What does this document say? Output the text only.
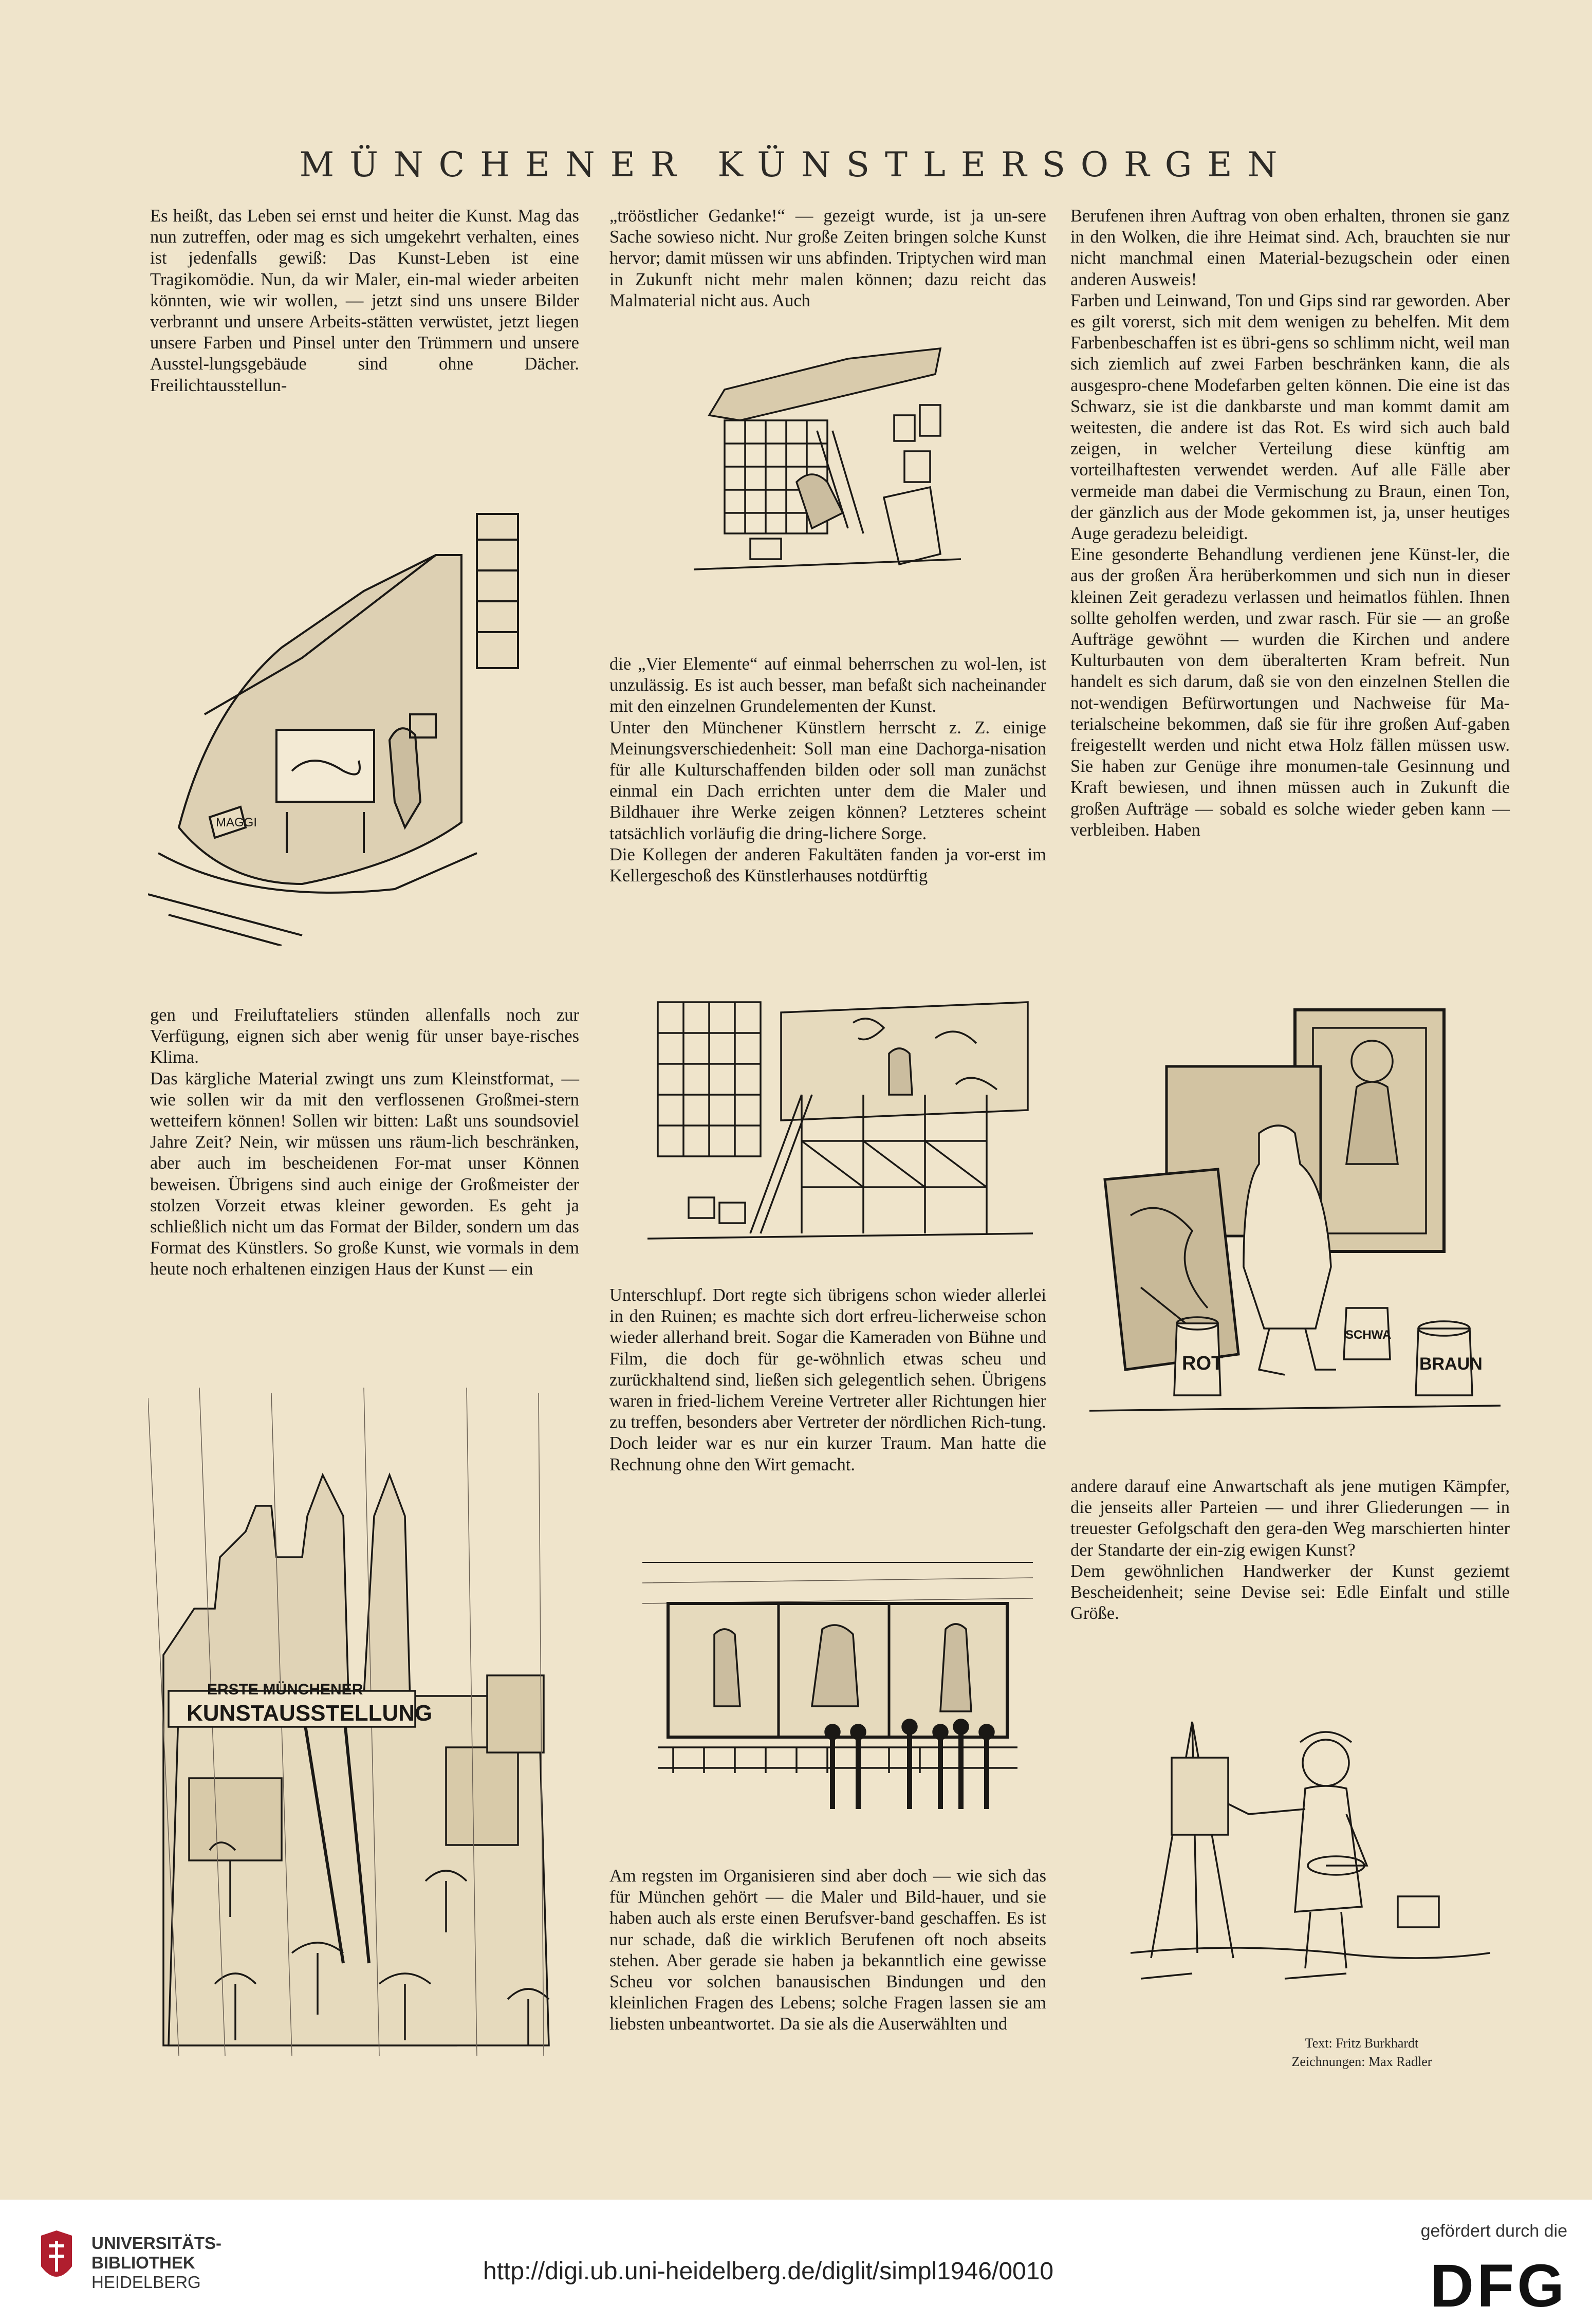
MÜNCHENER KÜNSTLERSORGEN

Es heißt, das Leben sei ernst und heiter die Kunst. Mag das nun zutreffen, oder mag es sich umgekehrt verhalten, eines ist jedenfalls gewiß: Das Kunst-Leben ist eine Tragikomödie. Nun, da wir Maler, ein-mal wieder arbeiten könnten, wie wir wollen, — jetzt sind uns unsere Bilder verbrannt und unsere Arbeits-stätten verwüstet, jetzt liegen unsere Farben und Pinsel unter den Trümmern und unsere Ausstel-lungsgebäude sind ohne Dächer. Freilichtausstellun-

MAGGI

gen und Freiluftateliers stünden allenfalls noch zur Verfügung, eignen sich aber wenig für unser baye-risches Klima.

Das kärgliche Material zwingt uns zum Kleinstformat, — wie sollen wir da mit den verflossenen Großmei-stern wetteifern können! Sollen wir bitten: Laßt uns soundsoviel Jahre Zeit? Nein, wir müssen uns räum-lich beschränken, aber auch im bescheidenen For-mat unser Können beweisen. Übrigens sind auch einige der Großmeister der stolzen Vorzeit etwas kleiner geworden. Es geht ja schließlich nicht um das Format der Bilder, sondern um das Format des Künstlers. So große Kunst, wie vormals in dem heute noch erhaltenen einzigen Haus der Kunst — ein

ERSTE MÜNCHENER
KUNSTAUSSTELLUNG

„trööstlicher Gedanke!“ — gezeigt wurde, ist ja un-sere Sache sowieso nicht. Nur große Zeiten bringen solche Kunst hervor; damit müssen wir uns abfinden. Triptychen wird man in Zukunft nicht mehr malen können; dazu reicht das Malmaterial nicht aus. Auch

die „Vier Elemente“ auf einmal beherrschen zu wol-len, ist unzulässig. Es ist auch besser, man befaßt sich nacheinander mit den einzelnen Grundelementen der Kunst.

Unter den Münchener Künstlern herrscht z. Z. einige Meinungsverschiedenheit: Soll man eine Dachorga-nisation für alle Kulturschaffenden bilden oder soll man zunächst einmal ein Dach errichten unter dem die Maler und Bildhauer ihre Werke zeigen können? Letzteres scheint tatsächlich vorläufig die dring-lichere Sorge.

Die Kollegen der anderen Fakultäten fanden ja vor-erst im Kellergeschoß des Künstlerhauses notdürftig

Unterschlupf. Dort regte sich übrigens schon wieder allerlei in den Ruinen; es machte sich dort erfreu-licherweise schon wieder allerhand breit. Sogar die Kameraden von Bühne und Film, die doch für ge-wöhnlich etwas scheu und zurückhaltend sind, ließen sich gelegentlich sehen. Übrigens waren in fried-lichem Vereine Vertreter aller Richtungen hier zu treffen, besonders aber Vertreter der nördlichen Rich-tung. Doch leider war es nur ein kurzer Traum. Man hatte die Rechnung ohne den Wirt gemacht.

Am regsten im Organisieren sind aber doch — wie sich das für München gehört — die Maler und Bild-hauer, und sie haben auch als erste einen Berufsver-band geschaffen. Es ist nur schade, daß die wirklich Berufenen oft noch abseits stehen. Aber gerade sie haben ja bekanntlich eine gewisse Scheu vor solchen banausischen Bindungen und den kleinlichen Fragen des Lebens; solche Fragen lassen sie am liebsten unbeantwortet. Da sie als die Auserwählten und

Berufenen ihren Auftrag von oben erhalten, thronen sie ganz in den Wolken, die ihre Heimat sind. Ach, brauchten sie nur nicht manchmal einen Material-bezugschein oder einen anderen Ausweis!

Farben und Leinwand, Ton und Gips sind rar geworden. Aber es gilt vorerst, sich mit dem wenigen zu behelfen. Mit dem Farbenbeschaffen ist es übri-gens so schlimm nicht, weil man sich ziemlich auf zwei Farben beschränken kann, die als ausgespro-chene Modefarben gelten können. Die eine ist das Schwarz, sie ist die dankbarste und man kommt damit am weitesten, die andere ist das Rot. Es wird sich auch bald zeigen, in welcher Verteilung diese künftig am vorteilhaftesten verwendet werden. Auf alle Fälle aber vermeide man dabei die Vermischung zu Braun, einen Ton, der gänzlich aus der Mode gekommen ist, ja, unser heutiges Auge geradezu beleidigt.

Eine gesonderte Behandlung verdienen jene Künst-ler, die aus der großen Ära herüberkommen und sich nun in dieser kleinen Zeit geradezu verlassen und heimatlos fühlen. Ihnen sollte geholfen werden, und zwar rasch. Für sie — an große Aufträge gewöhnt — wurden die Kirchen und andere Kulturbauten von dem überalterten Kram befreit. Nun handelt es sich darum, daß sie von den einzelnen Stellen die not-wendigen Befürwortungen und Nachweise für Ma-terialscheine bekommen, daß sie für ihre großen Auf-gaben freigestellt werden und nicht etwa Holz fällen müssen usw. Sie haben zur Genüge ihre monumen-tale Gesinnung und Kraft bewiesen, und ihnen müssen auch in Zukunft die großen Aufträge — sobald es solche wieder geben kann — verbleiben. Haben

ROT
SCHWA
BRAUN

andere darauf eine Anwartschaft als jene mutigen Kämpfer, die jenseits aller Parteien — und ihrer Gliederungen — in treuester Gefolgschaft den gera-den Weg marschierten hinter der Standarte der ein-zig ewigen Kunst?

Dem gewöhnlichen Handwerker der Kunst geziemt Bescheidenheit; seine Devise sei: Edle Einfalt und stille Größe.

Text: Fritz Burkhardt
Zeichnungen: Max Radler
UNIVERSITÄTS-
BIBLIOTHEK
HEIDELBERG	http://digi.ub.uni-heidelberg.de/diglit/simpl1946/0010
gefördert durch die
DFG
